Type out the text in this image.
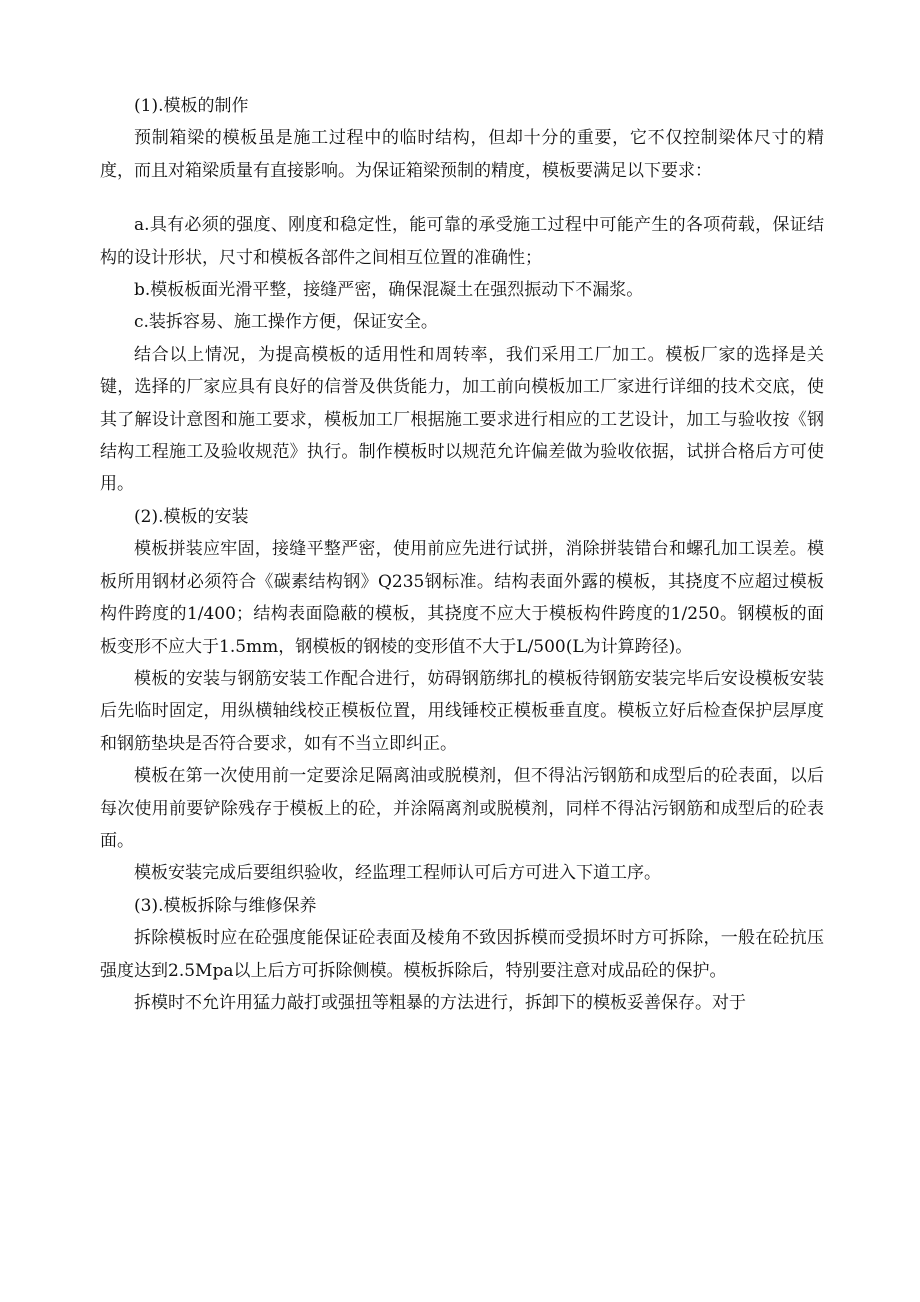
(1).模板的制作

预制箱梁的模板虽是施工过程中的临时结构，但却十分的重要，它不仅控制梁体尺寸的精度，而且对箱梁质量有直接影响。为保证箱梁预制的精度，模板要满足以下要求：

a.具有必须的强度、刚度和稳定性，能可靠的承受施工过程中可能产生的各项荷载，保证结构的设计形状，尺寸和模板各部件之间相互位置的准确性；

b.模板板面光滑平整，接缝严密，确保混凝土在强烈振动下不漏浆。

c.装拆容易、施工操作方便，保证安全。

结合以上情况，为提高模板的适用性和周转率，我们采用工厂加工。模板厂家的选择是关键，选择的厂家应具有良好的信誉及供货能力，加工前向模板加工厂家进行详细的技术交底，使其了解设计意图和施工要求，模板加工厂根据施工要求进行相应的工艺设计，加工与验收按《钢结构工程施工及验收规范》执行。制作模板时以规范允许偏差做为验收依据，试拼合格后方可使用。

(2).模板的安装

模板拼装应牢固，接缝平整严密，使用前应先进行试拼，消除拼装错台和螺孔加工误差。模板所用钢材必须符合《碳素结构钢》Q235钢标准。结构表面外露的模板，其挠度不应超过模板构件跨度的1/400；结构表面隐蔽的模板，其挠度不应大于模板构件跨度的1/250。钢模板的面板变形不应大于1.5mm，钢模板的钢棱的变形值不大于L/500(L为计算跨径)。

模板的安装与钢筋安装工作配合进行，妨碍钢筋绑扎的模板待钢筋安装完毕后安设模板安装后先临时固定，用纵横轴线校正模板位置，用线锤校正模板垂直度。模板立好后检查保护层厚度和钢筋垫块是否符合要求，如有不当立即纠正。

模板在第一次使用前一定要涂足隔离油或脱模剂，但不得沾污钢筋和成型后的砼表面，以后每次使用前要铲除残存于模板上的砼，并涂隔离剂或脱模剂，同样不得沾污钢筋和成型后的砼表面。

模板安装完成后要组织验收，经监理工程师认可后方可进入下道工序。

(3).模板拆除与维修保养

拆除模板时应在砼强度能保证砼表面及棱角不致因拆模而受损坏时方可拆除，一般在砼抗压强度达到2.5Mpa以上后方可拆除侧模。模板拆除后，特别要注意对成品砼的保护。

拆模时不允许用猛力敲打或强扭等粗暴的方法进行，拆卸下的模板妥善保存。对于
